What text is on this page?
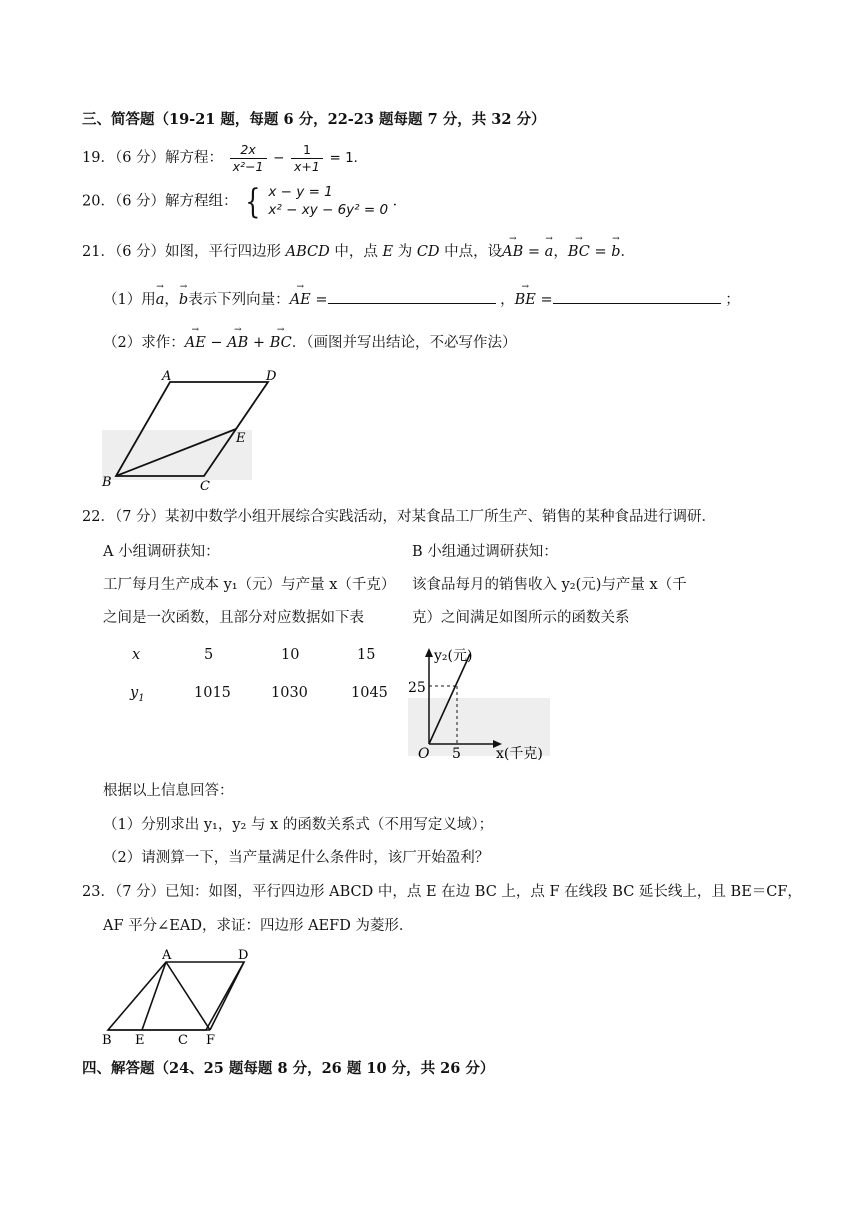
三、简答题（19-21 题，每题 6 分，22-23 题每题 7 分，共 32 分）
19．（6 分）解方程： $\frac{2x}{\text{x²−1}} - \frac{1}{x+1} = 1$．
20．（6 分）解方程组： { x − y = 1
x² − xy − 6y² = 0 ．
21．（6 分）如图，平行四边形 ABCD 中，点 E 为 CD 中点，设→ AB = → a，→ BC = → b．
（1）用→ a，→ b表示下列向量：→ AE =	，→ BE =	；
（2）求作：→ AE − → AB + → BC．（画图并写出结论，不必写作法）
A	D
E
B	C
22．（7 分）某初中数学小组开展综合实践活动，对某食品工厂所生产、销售的某种食品进行调研．
A 小组调研获知：
工厂每月生产成本 y₁（元）与产量 x（千克）
之间是一次函数，且部分对应数据如下表
B 小组通过调研获知：
该食品每月的销售收入 y₂(元)与产量 x（千
克）之间满足如图所示的函数关系
x	5	10	15
$y_1$	1015	1030	1045
y₂(元)
25
O 5	x(千克)
根据以上信息回答：
（1）分别求出 y₁，y₂ 与 x 的函数关系式（不用写定义域）；
（2）请测算一下，当产量满足什么条件时，该厂开始盈利？
23．（7 分）已知：如图，平行四边形 ABCD 中，点 E 在边 BC 上，点 F 在线段 BC 延长线上，且 BE＝CF，
AF 平分∠EAD，求证：四边形 AEFD 为菱形．
A	D
B E	C F
四、解答题（24、25 题每题 8 分，26 题 10 分，共 26 分）
